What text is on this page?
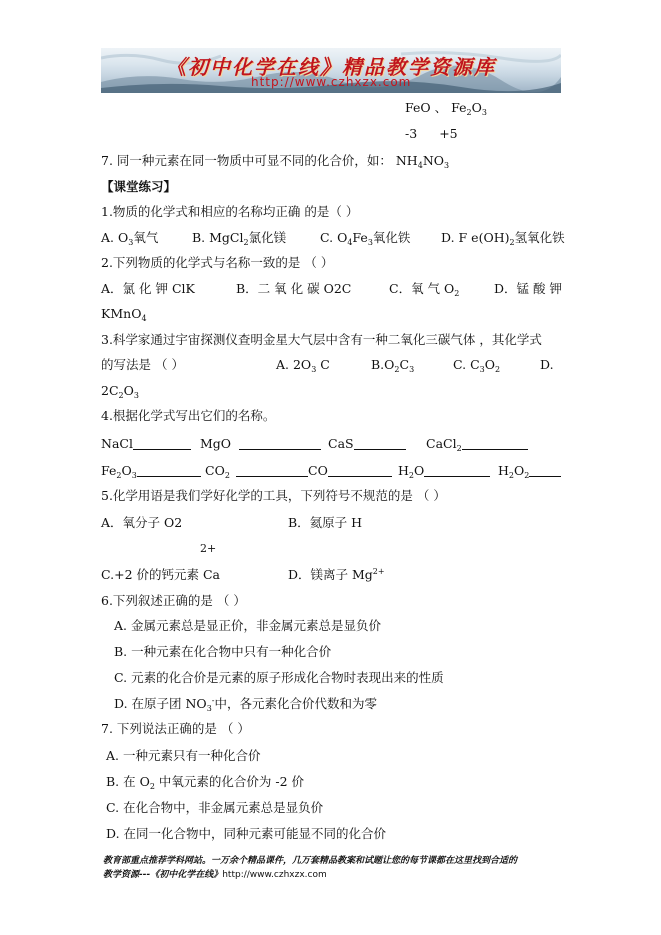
《初中化学在线》精品教学资源库
http://www.czhxzx.com
FeO 、 $Fe_2O_3$
-3 +5
7. 同一种元素在同一物质中可显不同的化合价，如： $NH_4NO_3$
【课堂练习】
1.物质的化学式和相应的名称均正确 的是（ ）
A. $O_3$氧气	B. MgCl$_2$氯化镁	C. $O_4Fe_3$氧化铁 D. F $e(OH)_2$氢氧化铁
2.下列物质的化学式与名称一致的是 （ ）
A．氯 化 钾 ClK	B．二 氧 化 碳 O2C	C．氧 气 $O_2$	D．锰 酸 钾
KMnO$_4$
3.科学家通过宇宙探测仪查明金星大气层中含有一种二氧化三碳气体 ，其化学式
的写法是 （ ）	A. $2O_3$ C	$B.O_2C_3$	C. $C_3O_2$	D.
$2C_2O_3$
4.根据化学式写出它们的名称。
NaCl	MgO	CaS	CaCl$_2$
$Fe_2O_3$	$CO_2$	CO	$H_2O$	$H_2O_2$
5.化学用语是我们学好化学的工具，下列符号不规范的是 （ ）
A．氧分子 O2	B．氦原子 H
2+
C.+2 价的钙元素 Ca	D．镁离子 $Mg^{2+}$
6.下列叙述正确的是 （ ）
A. 金属元素总是显正价，非金属元素总是显负价
B. 一种元素在化合物中只有一种化合价
C. 元素的化合价是元素的原子形成化合物时表现出来的性质
D. 在原子团 $NO_3^-$中，各元素化合价代数和为零
7. 下列说法正确的是 （ ）
A. 一种元素只有一种化合价
B. 在 $O_2$ 中氧元素的化合价为 -2 价
C. 在化合物中，非金属元素总是显负价
D. 在同一化合物中，同种元素可能显不同的化合价
教育部重点推荐学科网站。一万余个精品课件，几万套精品教案和试题让您的每节课都在这里找到合适的
教学资源---《初中化学在线》http://www.czhxzx.com
